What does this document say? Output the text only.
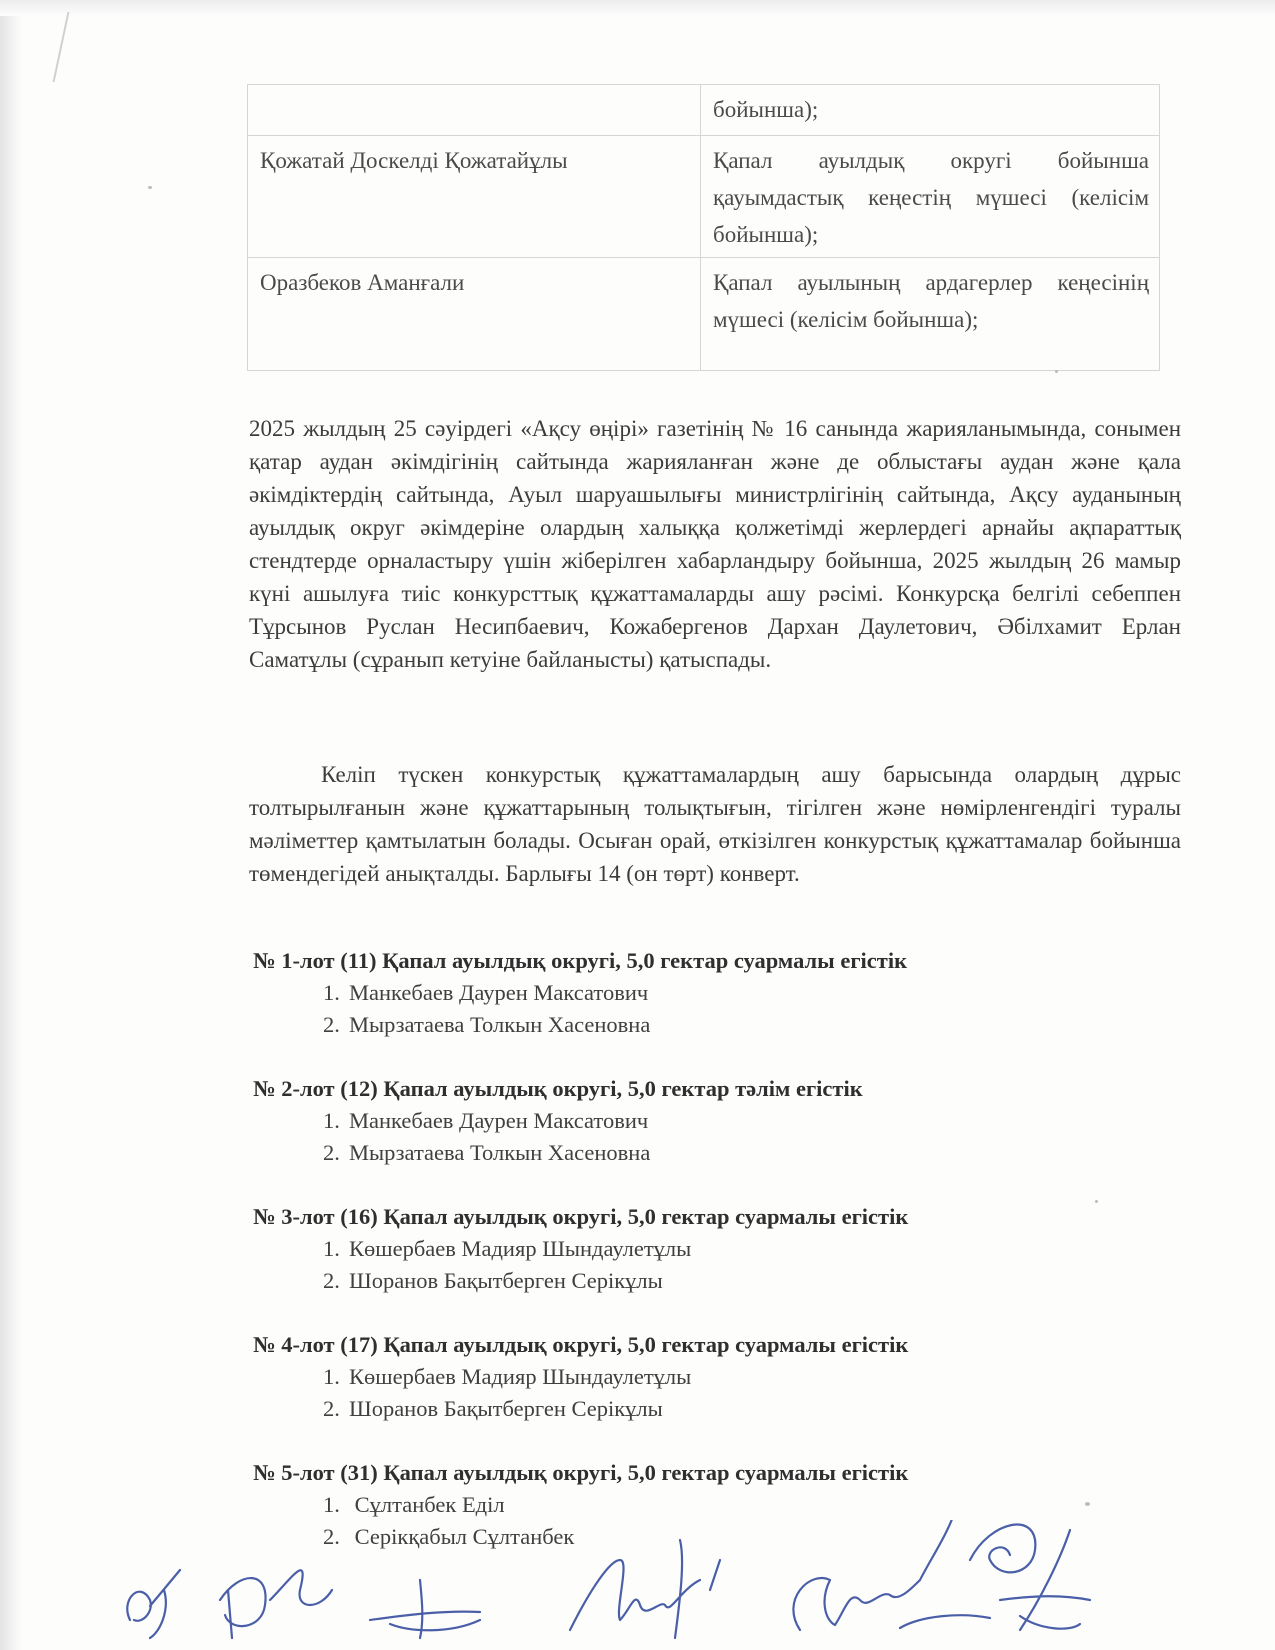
	бойынша);
Қожатай Доскелді Қожатайұлы	Қапал ауылдық округі бойынша қауымдастық кеңестің мүшесі (келісім бойынша);
Оразбеков Аманғали	Қапал ауылының ардагерлер кеңесінің мүшесі (келісім бойынша);
2025 жылдың 25 сәуірдегі «Ақсу өңірі» газетінің № 16 санында жарияланымында, сонымен қатар аудан әкімдігінің сайтында жарияланған және де облыстағы аудан және қала әкімдіктердің сайтында, Ауыл шаруашылығы министрлігінің сайтында, Ақсу ауданының ауылдық округ әкімдеріне олардың халыққа қолжетімді жерлердегі арнайы ақпараттық стендтерде орналастыру үшін жіберілген хабарландыру бойынша, 2025 жылдың 26 мамыр күні ашылуға тиіс конкурсттық құжаттамаларды ашу рәсімі. Конкурсқа белгілі себеппен Тұрсынов Руслан Несипбаевич, Кожабергенов Дархан Даулетович, Әбілхамит Ерлан Саматұлы (сұранып кетуіне байланысты) қатыспады.
Келіп түскен конкурстық құжаттамалардың ашу барысында олардың дұрыс толтырылғанын және құжаттарының толықтығын, тігілген және нөмірленгендігі туралы мәліметтер қамтылатын болады. Осыған орай, өткізілген конкурстық құжаттамалар бойынша төмендегідей анықталды. Барлығы 14 (он төрт) конверт.
№ 1-лот (11) Қапал ауылдық округі, 5,0 гектар суармалы егістік
1. Манкебаев Даурен Максатович
2. Мырзатаева Толкын Хасеновна
№ 2-лот (12) Қапал ауылдық округі, 5,0 гектар тәлім егістік
1. Манкебаев Даурен Максатович
2. Мырзатаева Толкын Хасеновна
№ 3-лот (16) Қапал ауылдық округі, 5,0 гектар суармалы егістік
1. Көшербаев Мадияр Шындаулетұлы
2. Шоранов Бақытберген Серікұлы
№ 4-лот (17) Қапал ауылдық округі, 5,0 гектар суармалы егістік
1. Көшербаев Мадияр Шындаулетұлы
2. Шоранов Бақытберген Серікұлы
№ 5-лот (31) Қапал ауылдық округі, 5,0 гектар суармалы егістік
1. Сұлтанбек Еділ
2. Серікқабыл Сұлтанбек
